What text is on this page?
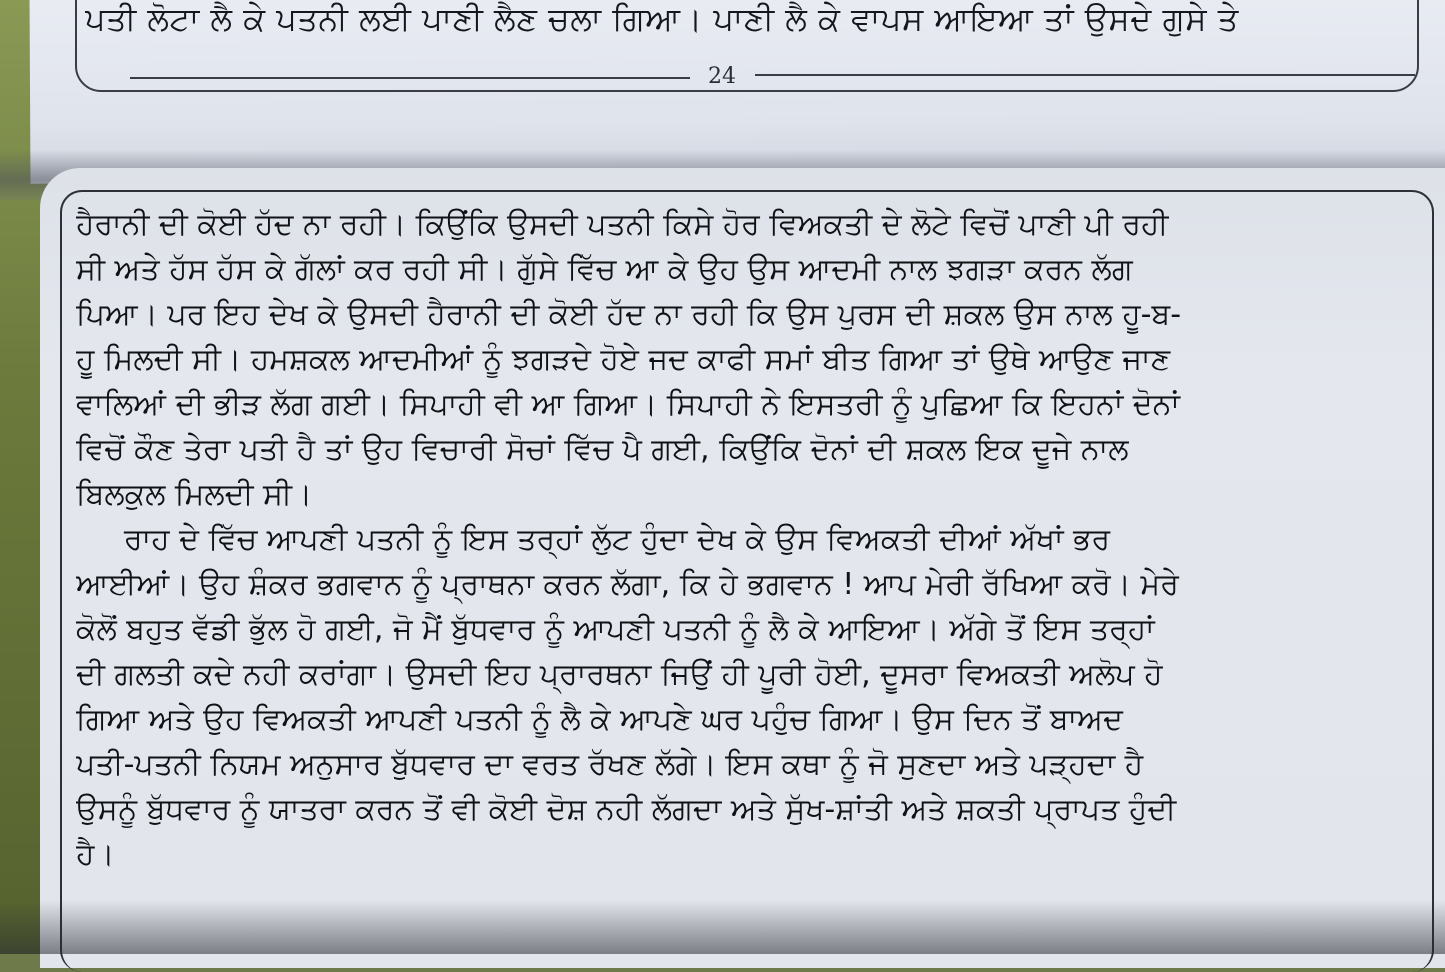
ਪਤੀ ਲੋਟਾ ਲੈ ਕੇ ਪਤਨੀ ਲਈ ਪਾਣੀ ਲੈਣ ਚਲਾ ਗਿਆ। ਪਾਣੀ ਲੈ ਕੇ ਵਾਪਸ ਆਇਆ ਤਾਂ ਉਸਦੇ ਗੁਸੇ ਤੇ
24
ਹੈਰਾਨੀ ਦੀ ਕੋਈ ਹੱਦ ਨਾ ਰਹੀ। ਕਿਉਂਕਿ ਉਸਦੀ ਪਤਨੀ ਕਿਸੇ ਹੋਰ ਵਿਅਕਤੀ ਦੇ ਲੋਟੇ ਵਿਚੋਂ ਪਾਣੀ ਪੀ ਰਹੀ
ਸੀ ਅਤੇ ਹੱਸ ਹੱਸ ਕੇ ਗੱਲਾਂ ਕਰ ਰਹੀ ਸੀ। ਗੁੱਸੇ ਵਿੱਚ ਆ ਕੇ ਉਹ ਉਸ ਆਦਮੀ ਨਾਲ ਝਗੜਾ ਕਰਨ ਲੱਗ
ਪਿਆ। ਪਰ ਇਹ ਦੇਖ ਕੇ ਉਸਦੀ ਹੈਰਾਨੀ ਦੀ ਕੋਈ ਹੱਦ ਨਾ ਰਹੀ ਕਿ ਉਸ ਪੁਰਸ ਦੀ ਸ਼ਕਲ ਉਸ ਨਾਲ ਹੂ-ਬ-
ਹੂ ਮਿਲਦੀ ਸੀ। ਹਮਸ਼ਕਲ ਆਦਮੀਆਂ ਨੂੰ ਝਗੜਦੇ ਹੋਏ ਜਦ ਕਾਫੀ ਸਮਾਂ ਬੀਤ ਗਿਆ ਤਾਂ ਉਥੇ ਆਉਣ ਜਾਣ
ਵਾਲਿਆਂ ਦੀ ਭੀੜ ਲੱਗ ਗਈ। ਸਿਪਾਹੀ ਵੀ ਆ ਗਿਆ। ਸਿਪਾਹੀ ਨੇ ਇਸਤਰੀ ਨੂੰ ਪੁਛਿਆ ਕਿ ਇਹਨਾਂ ਦੋਨਾਂ
ਵਿਚੋਂ ਕੌਣ ਤੇਰਾ ਪਤੀ ਹੈ ਤਾਂ ਉਹ ਵਿਚਾਰੀ ਸੋਚਾਂ ਵਿੱਚ ਪੈ ਗਈ, ਕਿਉਂਕਿ ਦੋਨਾਂ ਦੀ ਸ਼ਕਲ ਇਕ ਦੂਜੇ ਨਾਲ
ਬਿਲਕੁਲ ਮਿਲਦੀ ਸੀ।
ਰਾਹ ਦੇ ਵਿੱਚ ਆਪਣੀ ਪਤਨੀ ਨੂੰ ਇਸ ਤਰ੍ਹਾਂ ਲੁੱਟ ਹੁੰਦਾ ਦੇਖ ਕੇ ਉਸ ਵਿਅਕਤੀ ਦੀਆਂ ਅੱਖਾਂ ਭਰ
ਆਈਆਂ। ਉਹ ਸ਼ੰਕਰ ਭਗਵਾਨ ਨੂੰ ਪ੍ਰਾਥਨਾ ਕਰਨ ਲੱਗਾ, ਕਿ ਹੇ ਭਗਵਾਨ ! ਆਪ ਮੇਰੀ ਰੱਖਿਆ ਕਰੋ। ਮੇਰੇ
ਕੋਲੋਂ ਬਹੁਤ ਵੱਡੀ ਭੁੱਲ ਹੋ ਗਈ, ਜੋ ਮੈਂ ਬੁੱਧਵਾਰ ਨੂੰ ਆਪਣੀ ਪਤਨੀ ਨੂੰ ਲੈ ਕੇ ਆਇਆ। ਅੱਗੇ ਤੋਂ ਇਸ ਤਰ੍ਹਾਂ
ਦੀ ਗਲਤੀ ਕਦੇ ਨਹੀ ਕਰਾਂਗਾ। ਉਸਦੀ ਇਹ ਪ੍ਰਾਰਥਨਾ ਜਿਉਂ ਹੀ ਪੂਰੀ ਹੋਈ, ਦੂਸਰਾ ਵਿਅਕਤੀ ਅਲੋਪ ਹੋ
ਗਿਆ ਅਤੇ ਉਹ ਵਿਅਕਤੀ ਆਪਣੀ ਪਤਨੀ ਨੂੰ ਲੈ ਕੇ ਆਪਣੇ ਘਰ ਪਹੁੰਚ ਗਿਆ। ਉਸ ਦਿਨ ਤੋਂ ਬਾਅਦ
ਪਤੀ-ਪਤਨੀ ਨਿਯਮ ਅਨੁਸਾਰ ਬੁੱਧਵਾਰ ਦਾ ਵਰਤ ਰੱਖਣ ਲੱਗੇ। ਇਸ ਕਥਾ ਨੂੰ ਜੋ ਸੁਣਦਾ ਅਤੇ ਪੜ੍ਹਦਾ ਹੈ
ਉਸਨੂੰ ਬੁੱਧਵਾਰ ਨੂੰ ਯਾਤਰਾ ਕਰਨ ਤੋਂ ਵੀ ਕੋਈ ਦੋਸ਼ ਨਹੀ ਲੱਗਦਾ ਅਤੇ ਸੁੱਖ-ਸ਼ਾਂਤੀ ਅਤੇ ਸ਼ਕਤੀ ਪ੍ਰਾਪਤ ਹੁੰਦੀ
ਹੈ।
